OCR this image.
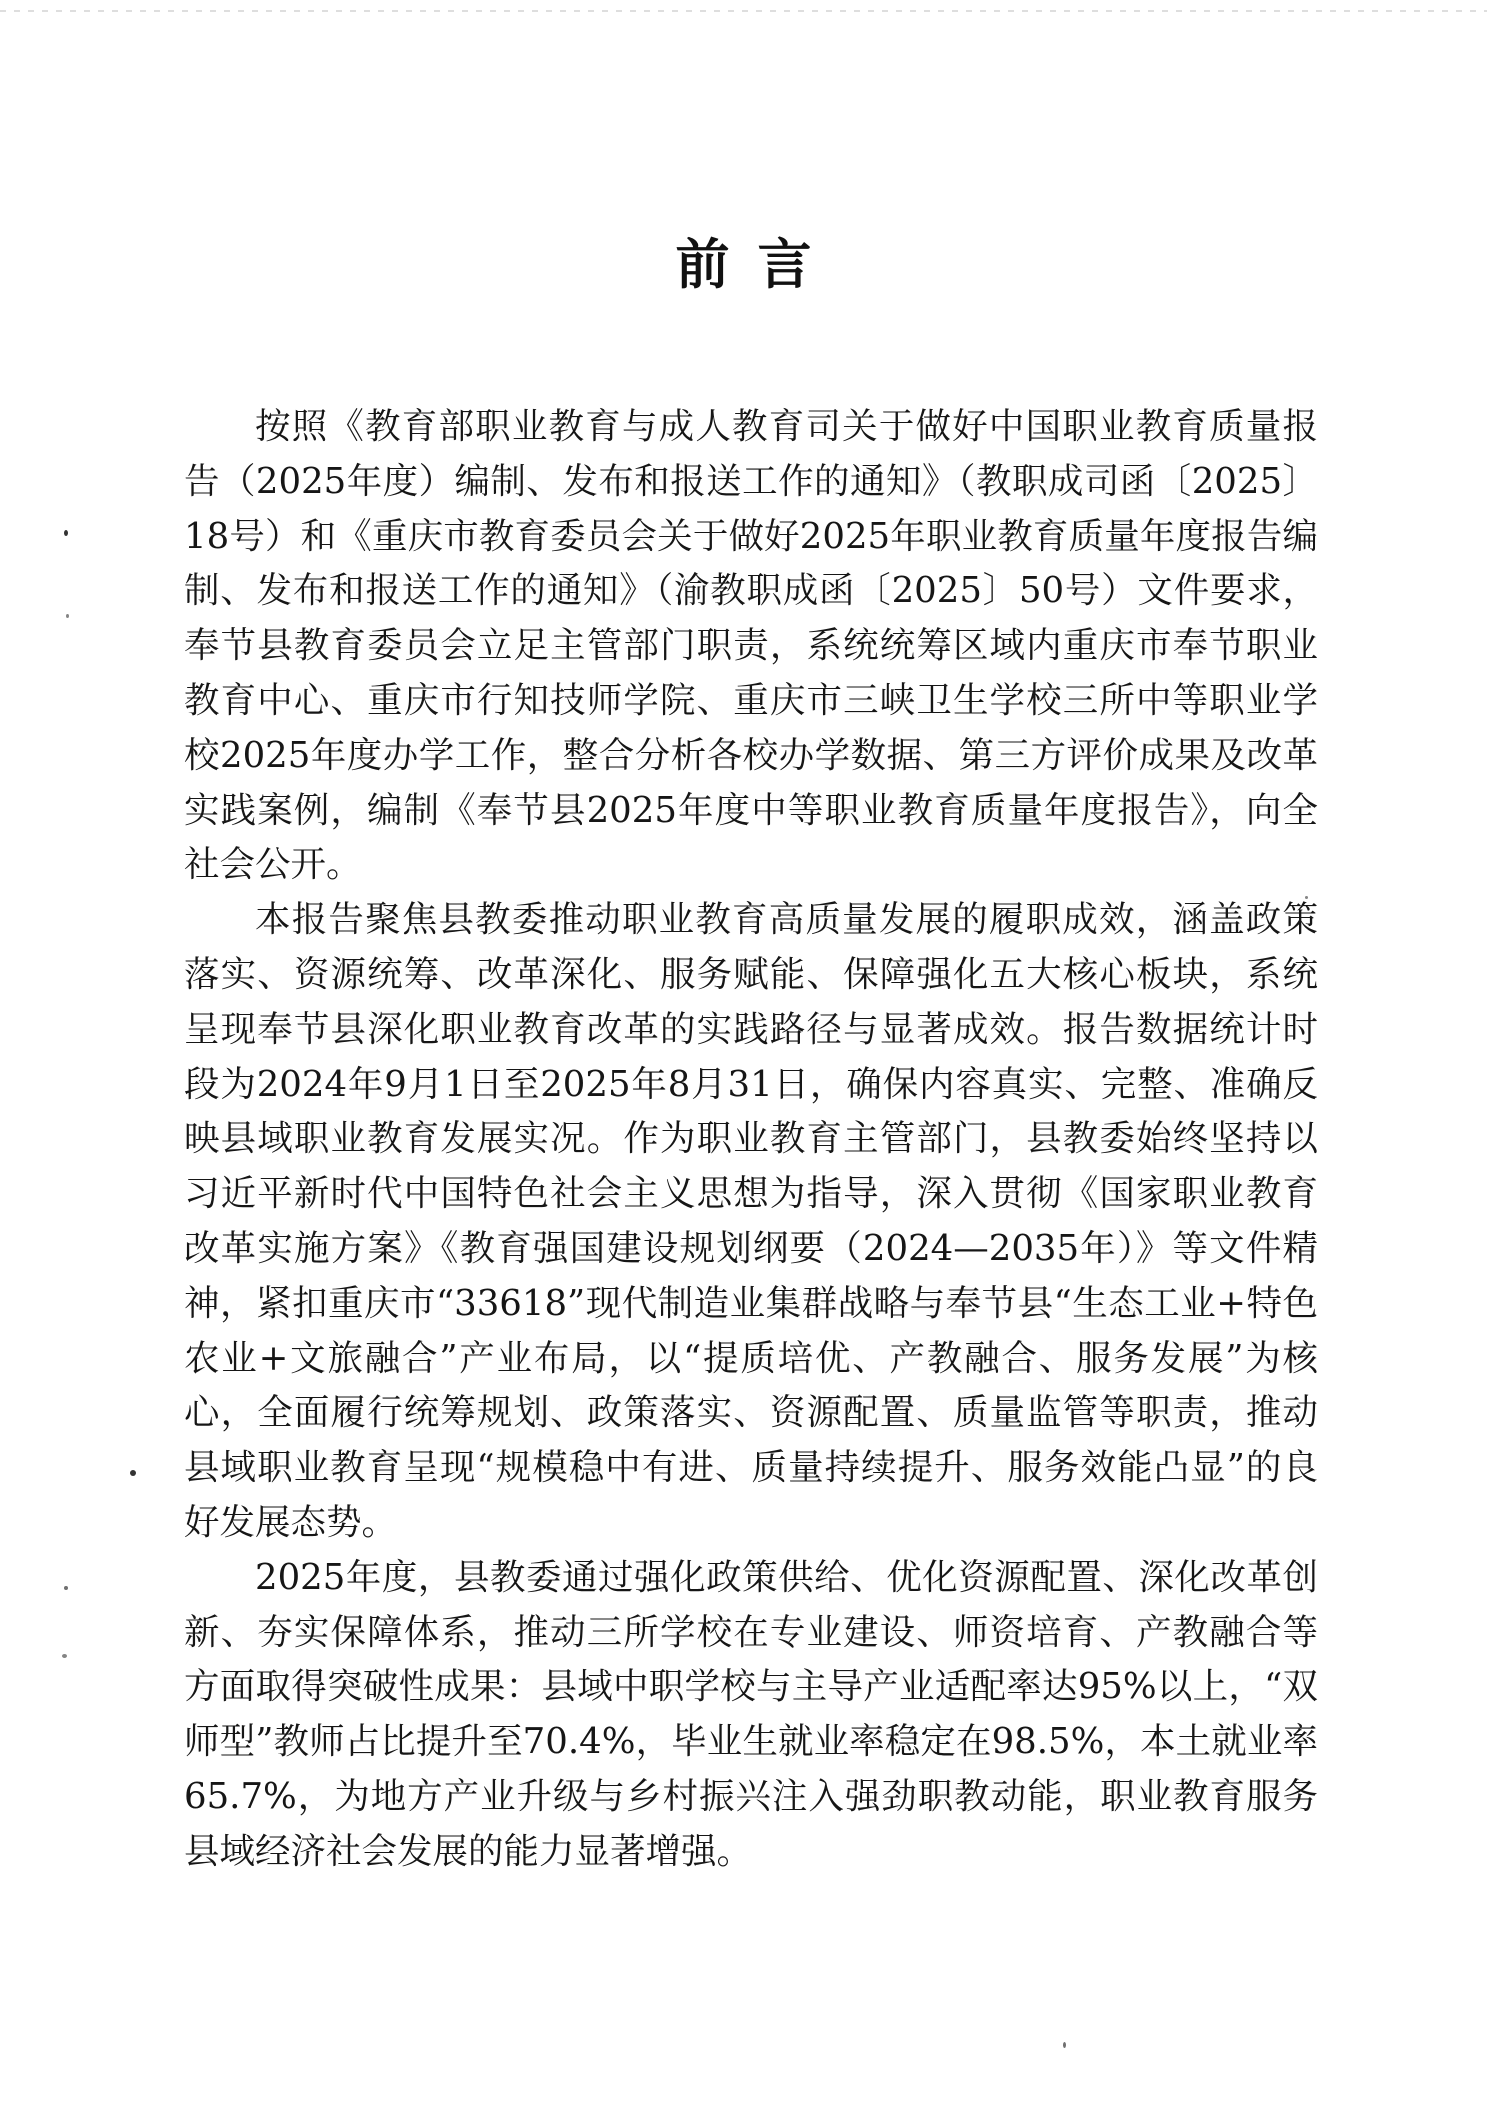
前言

按照《教育部职业教育与成人教育司关于做好中国职业教育质量报告（2025年度）编制、发布和报送工作的通知》（教职成司函〔2025〕18号）和《重庆市教育委员会关于做好2025年职业教育质量年度报告编制、发布和报送工作的通知》（渝教职成函〔2025〕50号）文件要求，奉节县教育委员会立足主管部门职责，系统统筹区域内重庆市奉节职业教育中心、重庆市行知技师学院、重庆市三峡卫生学校三所中等职业学校2025年度办学工作，整合分析各校办学数据、第三方评价成果及改革实践案例，编制《奉节县2025年度中等职业教育质量年度报告》，向全社会公开。

本报告聚焦县教委推动职业教育高质量发展的履职成效，涵盖政策落实、资源统筹、改革深化、服务赋能、保障强化五大核心板块，系统呈现奉节县深化职业教育改革的实践路径与显著成效。报告数据统计时段为2024年9月1日至2025年8月31日，确保内容真实、完整、准确反映县域职业教育发展实况。作为职业教育主管部门，县教委始终坚持以习近平新时代中国特色社会主义思想为指导，深入贯彻《国家职业教育改革实施方案》《教育强国建设规划纲要（2024—2035年）》等文件精神，紧扣重庆市“33618”现代制造业集群战略与奉节县“生态工业+特色农业+文旅融合”产业布局，以“提质培优、产教融合、服务发展”为核心，全面履行统筹规划、政策落实、资源配置、质量监管等职责，推动县域职业教育呈现“规模稳中有进、质量持续提升、服务效能凸显”的良好发展态势。

2025年度，县教委通过强化政策供给、优化资源配置、深化改革创新、夯实保障体系，推动三所学校在专业建设、师资培育、产教融合等方面取得突破性成果：县域中职学校与主导产业适配率达95%以上，“双师型”教师占比提升至70.4%，毕业生就业率稳定在98.5%，本土就业率65.7%，为地方产业升级与乡村振兴注入强劲职教动能，职业教育服务县域经济社会发展的能力显著增强。
